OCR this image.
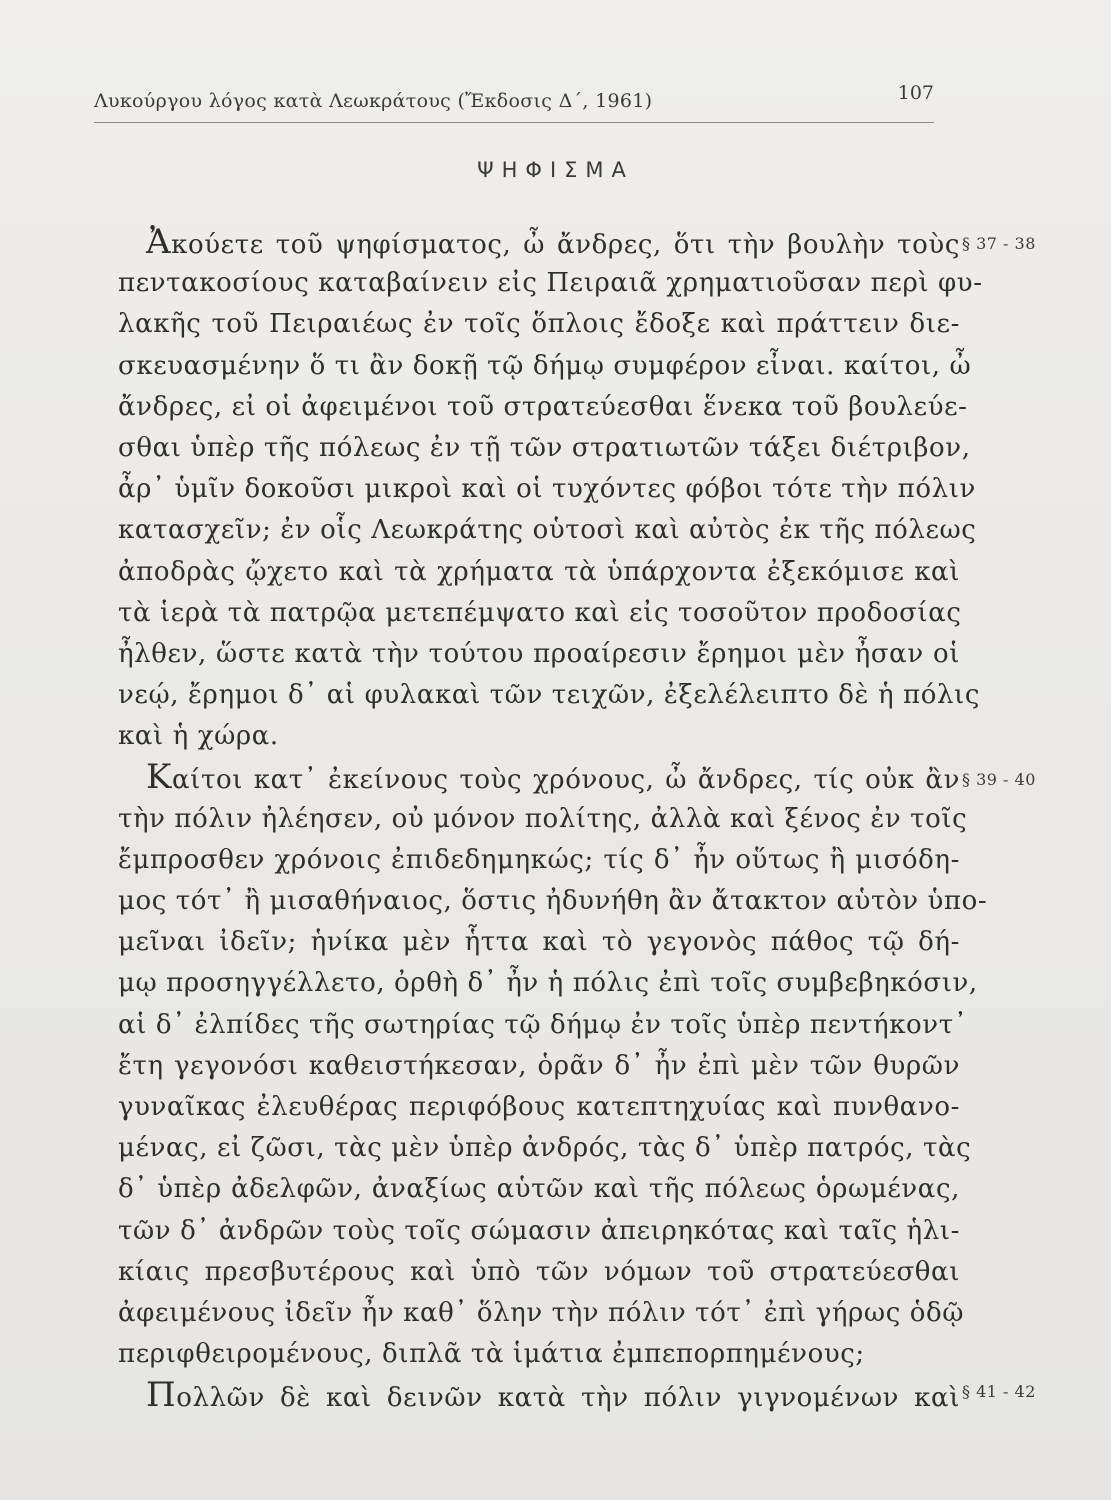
Λυκούργου λόγος κατὰ Λεωκράτους (Ἔκδοσις Δ΄, 1961)	107
ΨΗΦΙΣΜΑ
Ἀκούετε τοῦ ψηφίσματος, ὦ ἄνδρες, ὅτι τὴν βουλὴν τοὺς
πεντακοσίους καταβαίνειν εἰς Πειραιᾶ χρηματιοῦσαν περὶ φυ-
λακῆς τοῦ Πειραιέως ἐν τοῖς ὅπλοις ἔδοξε καὶ πράττειν διε-
σκευασμένην ὅ τι ἂν δοκῇ τῷ δήμῳ συμφέρον εἶναι. καίτοι, ὦ
ἄνδρες, εἰ οἱ ἀφειμένοι τοῦ στρατεύεσθαι ἕνεκα τοῦ βουλεύε-
σθαι ὑπὲρ τῆς πόλεως ἐν τῇ τῶν στρατιωτῶν τάξει διέτριβον,
ἆρ᾽ ὑμῖν δοκοῦσι μικροὶ καὶ οἱ τυχόντες φόβοι τότε τὴν πόλιν
κατασχεῖν; ἐν οἷς Λεωκράτης οὑτοσὶ καὶ αὐτὸς ἐκ τῆς πόλεως
ἀποδρὰς ᾤχετο καὶ τὰ χρήματα τὰ ὑπάρχοντα ἐξεκόμισε καὶ
τὰ ἱερὰ τὰ πατρῷα μετεπέμψατο καὶ εἰς τοσοῦτον προδοσίας
ἦλθεν, ὥστε κατὰ τὴν τούτου προαίρεσιν ἔρημοι μὲν ἦσαν οἱ
νεῴ, ἔρημοι δ᾽ αἱ φυλακαὶ τῶν τειχῶν, ἐξελέλειπτο δὲ ἡ πόλις
καὶ ἡ χώρα.
Καίτοι κατ᾽ ἐκείνους τοὺς χρόνους, ὦ ἄνδρες, τίς οὐκ ἂν
τὴν πόλιν ἠλέησεν, οὐ μόνον πολίτης, ἀλλὰ καὶ ξένος ἐν τοῖς
ἔμπροσθεν χρόνοις ἐπιδεδημηκώς; τίς δ᾽ ἦν οὕτως ἢ μισόδη-
μος τότ᾽ ἢ μισαθήναιος, ὅστις ἠδυνήθη ἂν ἄτακτον αὑτὸν ὑπο-
μεῖναι ἰδεῖν; ἡνίκα μὲν ἧττα καὶ τὸ γεγονὸς πάθος τῷ δή-
μῳ προσηγγέλλετο, ὀρθὴ δ᾽ ἦν ἡ πόλις ἐπὶ τοῖς συμβεβηκόσιν,
αἱ δ᾽ ἐλπίδες τῆς σωτηρίας τῷ δήμῳ ἐν τοῖς ὑπὲρ πεντήκοντ᾽
ἔτη γεγονόσι καθειστήκεσαν, ὁρᾶν δ᾽ ἦν ἐπὶ μὲν τῶν θυρῶν
γυναῖκας ἐλευθέρας περιφόβους κατεπτηχυίας καὶ πυνθανο-
μένας, εἰ ζῶσι, τὰς μὲν ὑπὲρ ἀνδρός, τὰς δ᾽ ὑπὲρ πατρός, τὰς
δ᾽ ὑπὲρ ἀδελφῶν, ἀναξίως αὑτῶν καὶ τῆς πόλεως ὁρωμένας,
τῶν δ᾽ ἀνδρῶν τοὺς τοῖς σώμασιν ἀπειρηκότας καὶ ταῖς ἡλι-
κίαις πρεσβυτέρους καὶ ὑπὸ τῶν νόμων τοῦ στρατεύεσθαι
ἀφειμένους ἰδεῖν ἦν καθ᾽ ὅλην τὴν πόλιν τότ᾽ ἐπὶ γήρως ὁδῷ
περιφθειρομένους, διπλᾶ τὰ ἱμάτια ἐμπεπορπημένους;
Πολλῶν δὲ καὶ δεινῶν κατὰ τὴν πόλιν γιγνομένων καὶ
§ 37 - 38
§ 39 - 40
§ 41 - 42
